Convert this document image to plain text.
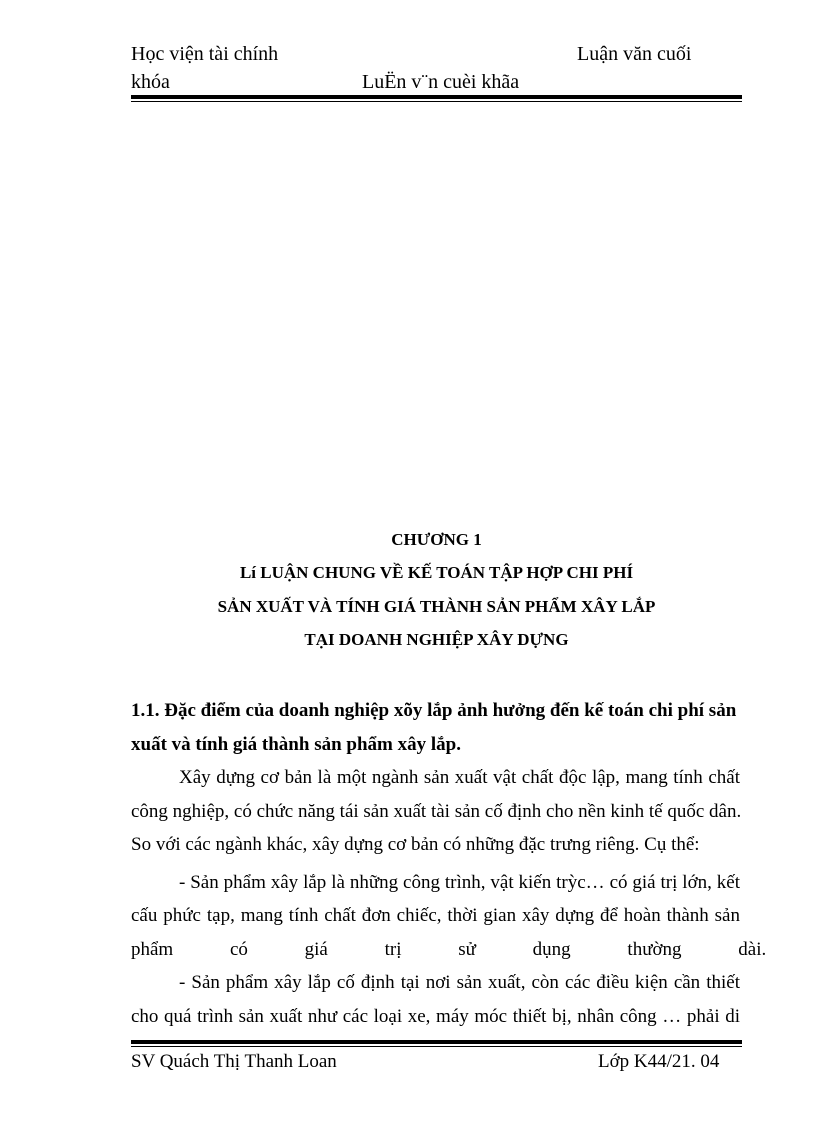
Học viện tài chính	Luận văn cuối
khóa	LuËn v¨n cuèi khãa
CHƯƠNG 1
Lí LUẬN CHUNG VỀ KẾ TOÁN TẬP HỢP CHI PHÍ
SẢN XUẤT VÀ TÍNH GIÁ THÀNH SẢN PHẨM XÂY LẮP
TẠI DOANH NGHIỆP XÂY DỰNG
1.1. Đặc điểm của doanh nghiệp xõy lắp ảnh hưởng đến kế toán chi phí sản
xuất và tính giá thành sản phẩm xây lắp.
Xây dựng cơ bản là một ngành sản xuất vật chất độc lập, mang tính chất
công nghiệp, có chức năng tái sản xuất tài sản cố định cho nền kinh tế quốc dân.
So với các ngành khác, xây dựng cơ bản có những đặc trưng riêng. Cụ thể:
- Sản phẩm xây lắp là những công trình, vật kiến trỳc… có giá trị lớn, kết
cấu phức tạp, mang tính chất đơn chiếc, thời gian xây dựng để hoàn thành sản
phẩm có giá trị sử dụng thường dài.
- Sản phẩm xây lắp cố định tại nơi sản xuất, còn các điều kiện cần thiết
cho quá trình sản xuất như các loại xe, máy móc thiết bị, nhân công … phải di
SV Quách Thị Thanh Loan	Lớp K44/21. 04
